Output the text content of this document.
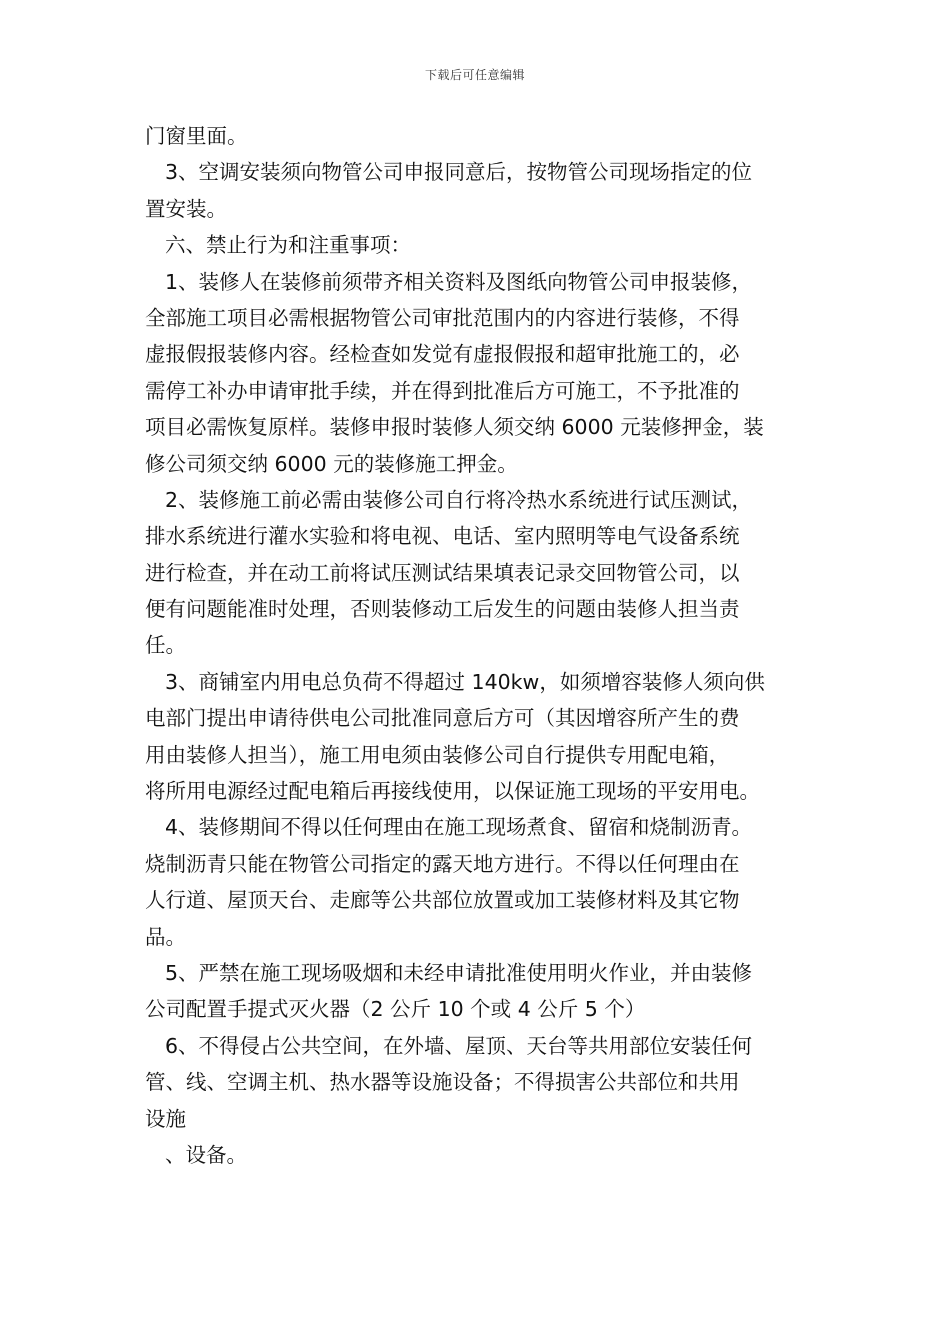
下载后可任意编辑
门窗里面。
3、空调安装须向物管公司申报同意后，按物管公司现场指定的位
置安装。
六、禁止行为和注重事项：
1、装修人在装修前须带齐相关资料及图纸向物管公司申报装修，
全部施工项目必需根据物管公司审批范围内的内容进行装修，不得
虚报假报装修内容。经检查如发觉有虚报假报和超审批施工的，必
需停工补办申请审批手续，并在得到批准后方可施工，不予批准的
项目必需恢复原样。装修申报时装修人须交纳 6000 元装修押金，装
修公司须交纳 6000 元的装修施工押金。
2、装修施工前必需由装修公司自行将冷热水系统进行试压测试，
排水系统进行灌水实验和将电视、电话、室内照明等电气设备系统
进行检查，并在动工前将试压测试结果填表记录交回物管公司，以
便有问题能准时处理，否则装修动工后发生的问题由装修人担当责
任。
3、商铺室内用电总负荷不得超过 140kw，如须增容装修人须向供
电部门提出申请待供电公司批准同意后方可（其因增容所产生的费
用由装修人担当），施工用电须由装修公司自行提供专用配电箱，
将所用电源经过配电箱后再接线使用，以保证施工现场的平安用电。
4、装修期间不得以任何理由在施工现场煮食、留宿和烧制沥青。
烧制沥青只能在物管公司指定的露天地方进行。不得以任何理由在
人行道、屋顶天台、走廊等公共部位放置或加工装修材料及其它物
品。
5、严禁在施工现场吸烟和未经申请批准使用明火作业，并由装修
公司配置手提式灭火器（2 公斤 10 个或 4 公斤 5 个）
6、不得侵占公共空间，在外墙、屋顶、天台等共用部位安装任何
管、线、空调主机、热水器等设施设备；不得损害公共部位和共用
设施
、设备。
